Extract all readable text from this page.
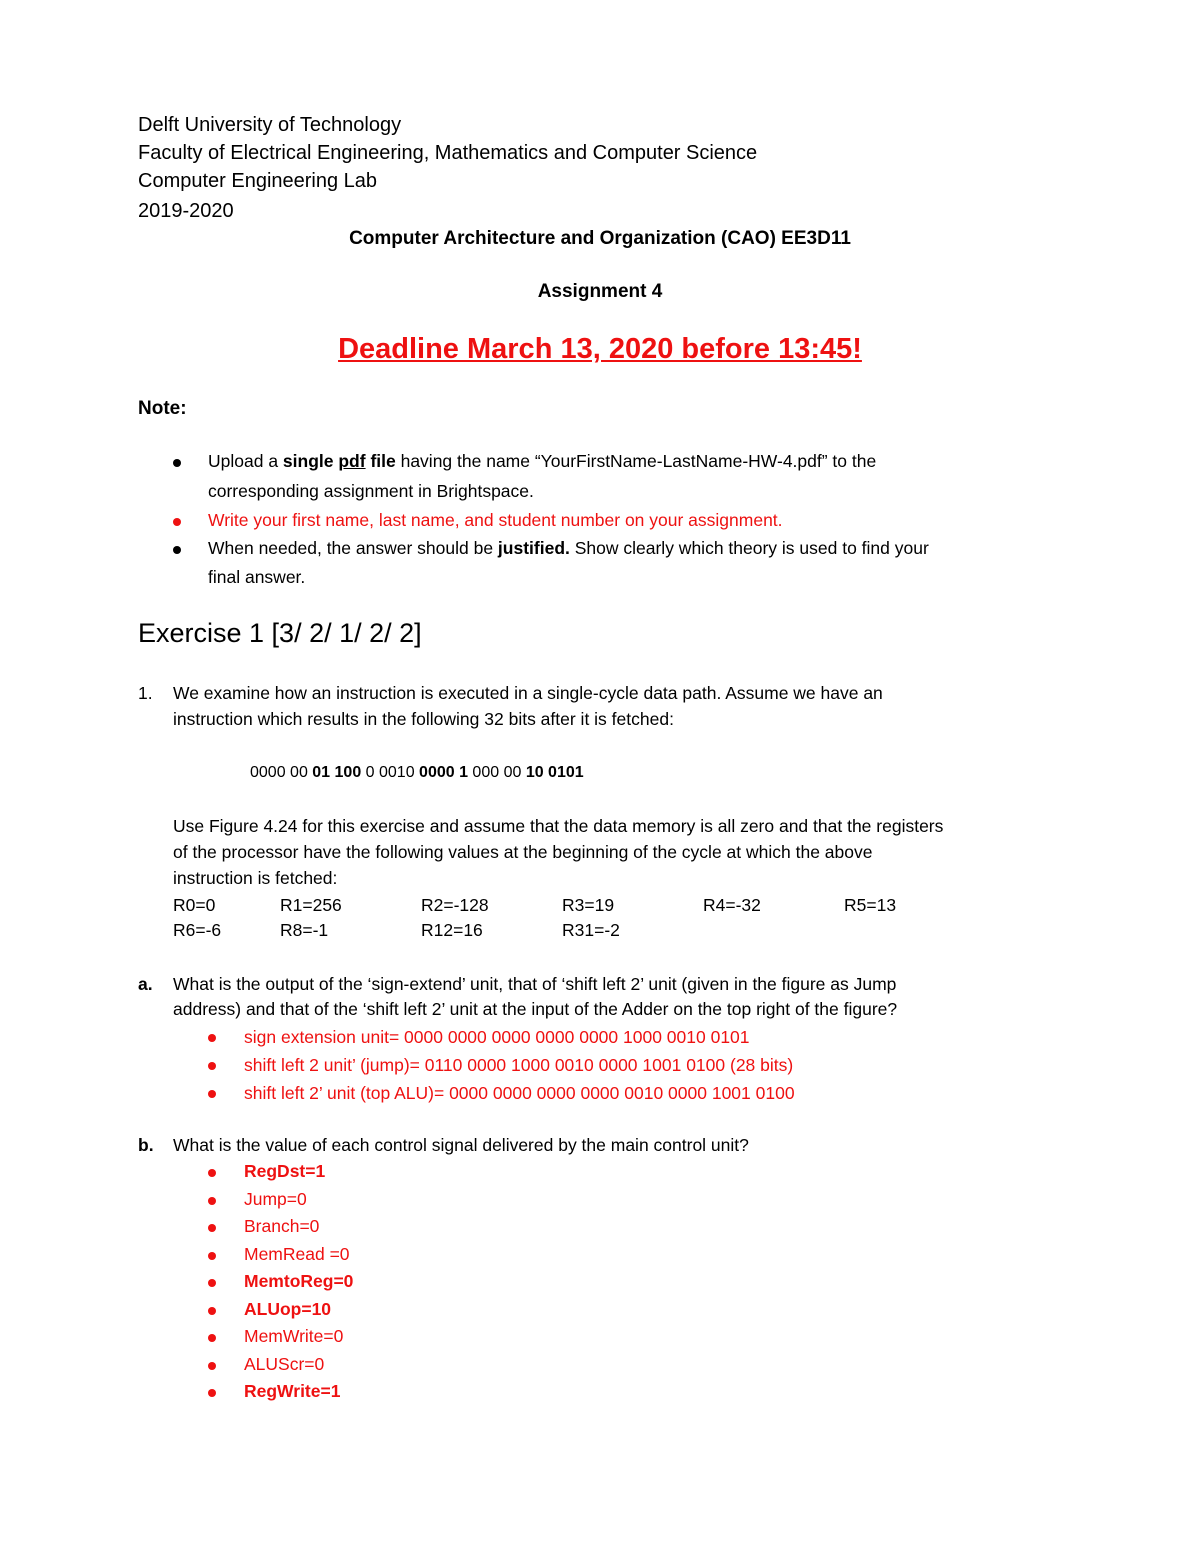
Delft University of Technology
Faculty of Electrical Engineering, Mathematics and Computer Science
Computer Engineering Lab
2019-2020
Computer Architecture and Organization (CAO) EE3D11
Assignment 4
Deadline March 13, 2020 before 13:45!
Note:
Upload a single pdf file having the name “YourFirstName-LastName-HW-4.pdf” to the
corresponding assignment in Brightspace.
Write your first name, last name, and student number on your assignment.
When needed, the answer should be justified. Show clearly which theory is used to find your
final answer.
Exercise 1 [3/ 2/ 1/ 2/ 2]
1. We examine how an instruction is executed in a single-cycle data path. Assume we have an
instruction which results in the following 32 bits after it is fetched:
0000 00 01 100 0 0010 0000 1 000 00 10 0101
Use Figure 4.24 for this exercise and assume that the data memory is all zero and that the registers
of the processor have the following values at the beginning of the cycle at which the above
instruction is fetched:
R0=0	R1=256	R2=-128	R3=19	R4=-32	R5=13
R6=-6	R8=-1	R12=16	R31=-2
a. What is the output of the ‘sign-extend’ unit, that of ‘shift left 2’ unit (given in the figure as Jump
address) and that of the ‘shift left 2’ unit at the input of the Adder on the top right of the figure?
sign extension unit= 0000 0000 0000 0000 0000 1000 0010 0101
shift left 2 unit’ (jump)= 0110 0000 1000 0010 0000 1001 0100 (28 bits)
shift left 2’ unit (top ALU)= 0000 0000 0000 0000 0010 0000 1001 0100
b. What is the value of each control signal delivered by the main control unit?
RegDst=1
Jump=0
Branch=0
MemRead =0
MemtoReg=0
ALUop=10
MemWrite=0
ALUScr=0
RegWrite=1
